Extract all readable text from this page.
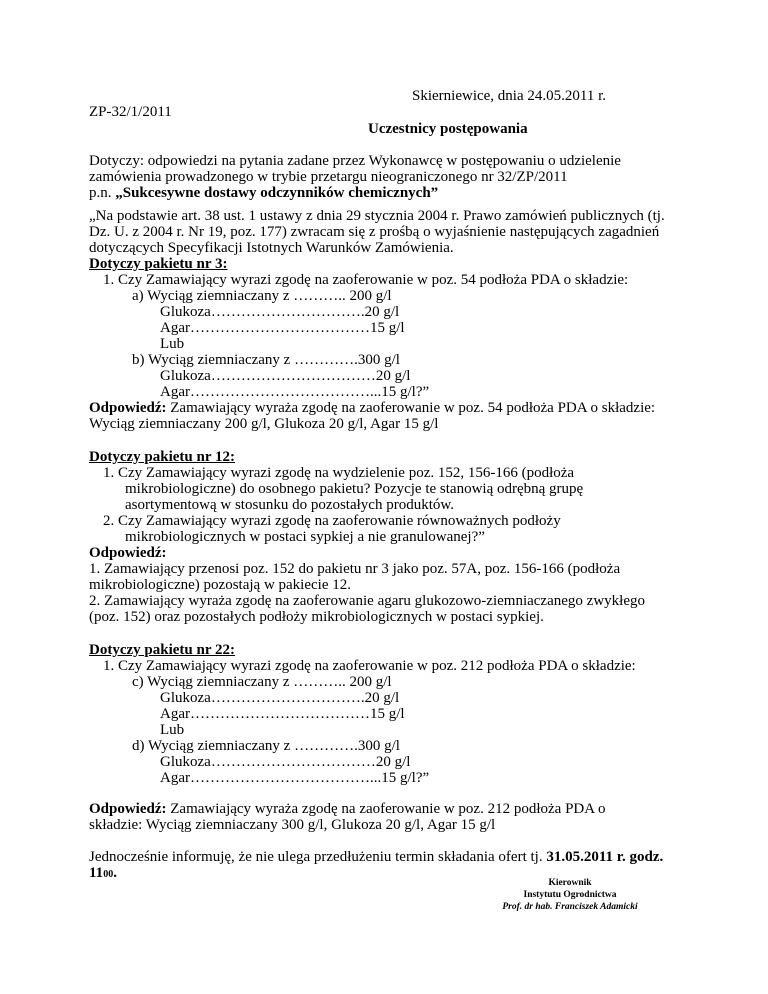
Skierniewice, dnia 24.05.2011 r.
ZP-32/1/2011
Uczestnicy postępowania
Dotyczy: odpowiedzi na pytania zadane przez Wykonawcę w postępowaniu o udzielenie
zamówienia prowadzonego w trybie przetargu nieograniczonego nr 32/ZP/2011
p.n. „Sukcesywne dostawy odczynników chemicznych”
„Na podstawie art. 38 ust. 1 ustawy z dnia 29 stycznia 2004 r. Prawo zamówień publicznych (tj.
Dz. U. z 2004 r. Nr 19, poz. 177) zwracam się z prośbą o wyjaśnienie następujących zagadnień
dotyczących Specyfikacji Istotnych Warunków Zamówienia.
Dotyczy pakietu nr 3:
1. Czy Zamawiający wyrazi zgodę na zaoferowanie w poz. 54 podłoża PDA o składzie:
a) Wyciąg ziemniaczany z ……….. 200 g/l
Glukoza………………………….20 g/l
Agar………………………………15 g/l
Lub
b) Wyciąg ziemniaczany z ………….300 g/l
Glukoza……………………………20 g/l
Agar………………………………...15 g/l?”
Odpowiedź: Zamawiający wyraża zgodę na zaoferowanie w poz. 54 podłoża PDA o składzie:
Wyciąg ziemniaczany 200 g/l, Glukoza 20 g/l, Agar 15 g/l
Dotyczy pakietu nr 12:
1. Czy Zamawiający wyrazi zgodę na wydzielenie poz. 152, 156-166 (podłoża
mikrobiologiczne) do osobnego pakietu? Pozycje te stanowią odrębną grupę
asortymentową w stosunku do pozostałych produktów.
2. Czy Zamawiający wyrazi zgodę na zaoferowanie równoważnych podłoży
mikrobiologicznych w postaci sypkiej a nie granulowanej?”
Odpowiedź:
1. Zamawiający przenosi poz. 152 do pakietu nr 3 jako poz. 57A, poz. 156-166 (podłoża
mikrobiologiczne) pozostają w pakiecie 12.
2. Zamawiający wyraża zgodę na zaoferowanie agaru glukozowo-ziemniaczanego zwykłego
(poz. 152) oraz pozostałych podłoży mikrobiologicznych w postaci sypkiej.
Dotyczy pakietu nr 22:
1. Czy Zamawiający wyrazi zgodę na zaoferowanie w poz. 212 podłoża PDA o składzie:
c) Wyciąg ziemniaczany z ……….. 200 g/l
Glukoza………………………….20 g/l
Agar………………………………15 g/l
Lub
d) Wyciąg ziemniaczany z ………….300 g/l
Glukoza……………………………20 g/l
Agar………………………………...15 g/l?”
Odpowiedź: Zamawiający wyraża zgodę na zaoferowanie w poz. 212 podłoża PDA o
składzie: Wyciąg ziemniaczany 300 g/l, Glukoza 20 g/l, Agar 15 g/l
Jednocześnie informuję, że nie ulega przedłużeniu termin składania ofert tj. 31.05.2011 r. godz.
1100.
Kierownik
Instytutu Ogrodnictwa
Prof. dr hab. Franciszek Adamicki
